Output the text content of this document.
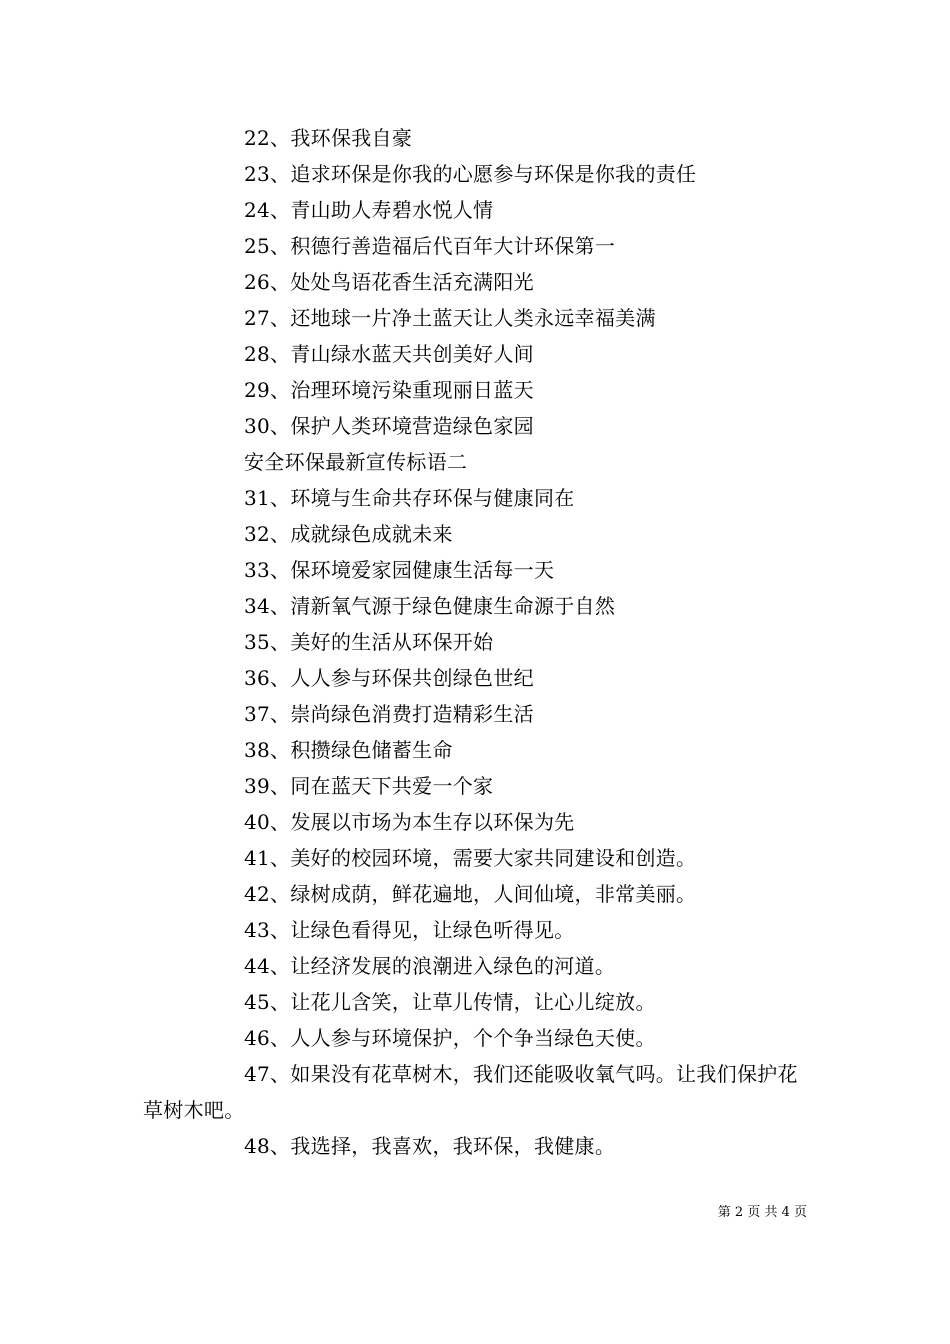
22、我环保我自豪
23、追求环保是你我的心愿参与环保是你我的责任
24、青山助人寿碧水悦人情
25、积德行善造福后代百年大计环保第一
26、处处鸟语花香生活充满阳光
27、还地球一片净土蓝天让人类永远幸福美满
28、青山绿水蓝天共创美好人间
29、治理环境污染重现丽日蓝天
30、保护人类环境营造绿色家园
安全环保最新宣传标语二
31、环境与生命共存环保与健康同在
32、成就绿色成就未来
33、保环境爱家园健康生活每一天
34、清新氧气源于绿色健康生命源于自然
35、美好的生活从环保开始
36、人人参与环保共创绿色世纪
37、崇尚绿色消费打造精彩生活
38、积攒绿色储蓄生命
39、同在蓝天下共爱一个家
40、发展以市场为本生存以环保为先
41、美好的校园环境，需要大家共同建设和创造。
42、绿树成荫，鲜花遍地，人间仙境，非常美丽。
43、让绿色看得见，让绿色听得见。
44、让经济发展的浪潮进入绿色的河道。
45、让花儿含笑，让草儿传情，让心儿绽放。
46、人人参与环境保护，个个争当绿色天使。
47、如果没有花草树木，我们还能吸收氧气吗。让我们保护花草树木吧。
48、我选择，我喜欢，我环保，我健康。
第 2 页 共 4 页
